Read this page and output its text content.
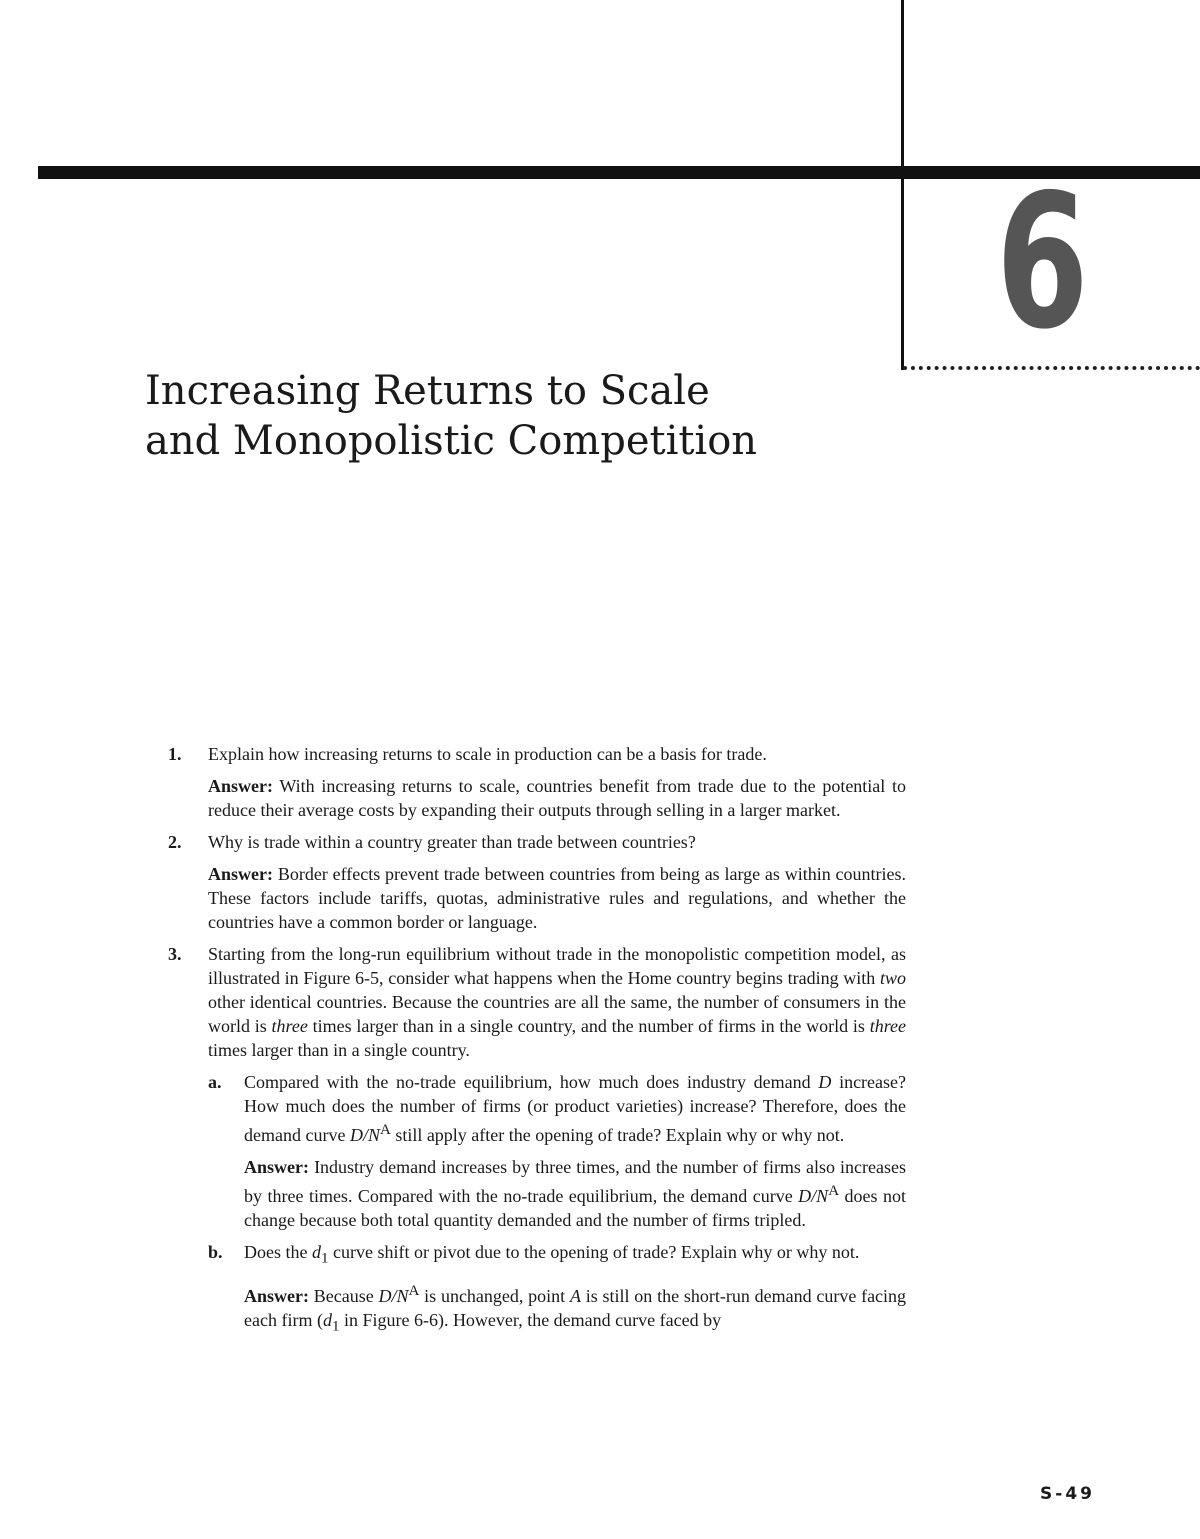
6
Increasing Returns to Scale
and Monopolistic Competition
1. Explain how increasing returns to scale in production can be a basis for trade.

Answer: With increasing returns to scale, countries benefit from trade due to the potential to reduce their average costs by expanding their outputs through selling in a larger market.

2. Why is trade within a country greater than trade between countries?

Answer: Border effects prevent trade between countries from being as large as within countries. These factors include tariffs, quotas, administrative rules and regulations, and whether the countries have a common border or language.

3. Starting from the long-run equilibrium without trade in the monopolistic competition model, as illustrated in Figure 6-5, consider what happens when the Home country begins trading with two other identical countries. Because the countries are all the same, the number of consumers in the world is three times larger than in a single country, and the number of firms in the world is three times larger than in a single country.

a. Compared with the no-trade equilibrium, how much does industry demand D increase? How much does the number of firms (or product varieties) increase? Therefore, does the demand curve $D/N^A$ still apply after the opening of trade? Explain why or why not.

Answer: Industry demand increases by three times, and the number of firms also increases by three times. Compared with the no-trade equilibrium, the demand curve $D/N^A$ does not change because both total quantity demanded and the number of firms tripled.

b. Does the $d_1$ curve shift or pivot due to the opening of trade? Explain why or why not.

Answer: Because $D/N^A$ is unchanged, point A is still on the short-run demand curve facing each firm ($d_1$ in Figure 6-6). However, the demand curve faced by

S-49
